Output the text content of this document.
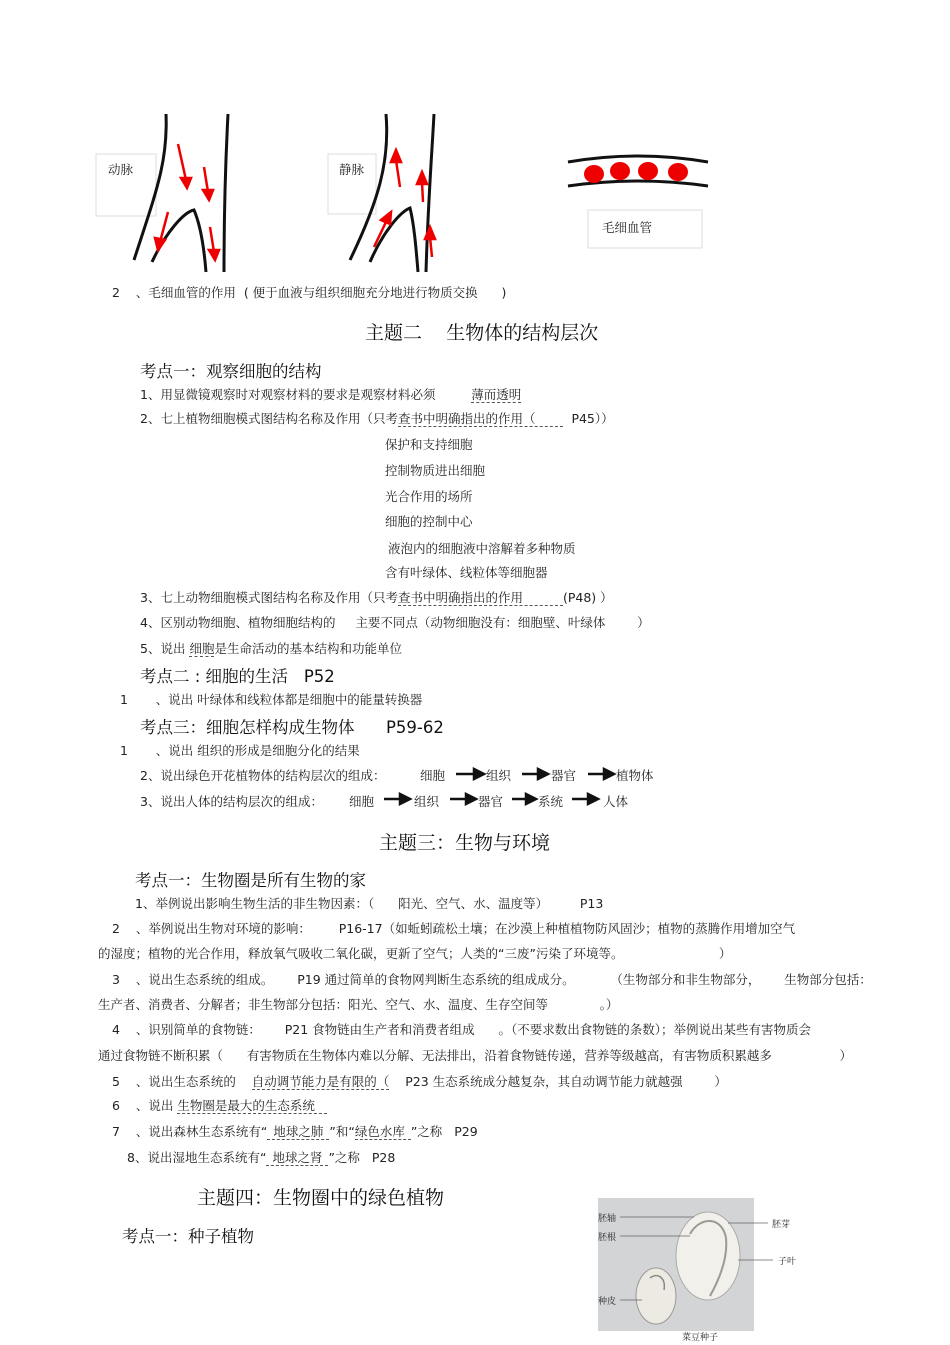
动脉	静脉
毛细血管
2 、毛细血管的作用 ( 便于血液与组织细胞充分地进行物质交换 )
主题二 生物体的结构层次
考点一：观察细胞的结构
1、用显微镜观察时对观察材料的要求是观察材料必须	薄而透明
2、七上植物细胞模式图结构名称及作用（只考查书中明确指出的作用（	P45））
保护和支持细胞
控制物质进出细胞
光合作用的场所
细胞的控制中心
液泡内的细胞液中溶解着多种物质
含有叶绿体、线粒体等细胞器
3、七上动物细胞模式图结构名称及作用（只考查书中明确指出的作用	(P48) ）
4、区别动物细胞、植物细胞结构的 主要不同点（动物细胞没有：细胞壁、叶绿体	）
5、说出 细胞是生命活动的基本结构和功能单位
考点二 : 细胞的生活 P52
1 、说出 叶绿体和线粒体都是细胞中的能量转换器
考点三：细胞怎样构成生物体 P59-62
1 、说出 组织的形成是细胞分化的结果
2、说出绿色开花植物体的结构层次的组成：	细胞	组织	器官	植物体
3、说出人体的结构层次的组成： 细胞	组织	器官	系统	人体
主题三：生物与环境
考点一：生物圈是所有生物的家
1、举例说出影响生物生活的非生物因素：（ 阳光、空气、水、温度等）	P13
2 、举例说出生物对环境的影响： P16-17（如蚯蚓疏松土壤；在沙漠上种植植物防风固沙；植物的蒸腾作用增加空气
的湿度；植物的光合作用，释放氧气吸收二氧化碳，更新了空气；人类的“三废”污染了环境等。	）
3 、说出生态系统的组成。 P19 通过简单的食物网判断生态系统的组成成分。	（生物部分和非生物部分， 生物部分包括：
生产者、消费者、分解者；非生物部分包括：阳光、空气、水、温度、生存空间等	。）
4 、识别简单的食物链： P21 食物链由生产者和消费者组成 。（不要求数出食物链的条数）；举例说出某些有害物质会
通过食物链不断积累（ 有害物质在生物体内难以分解、无法排出，沿着食物链传递，营养等级越高，有害物质积累越多	）
5 、说出生态系统的 自动调节能力是有限的（ P23 生态系统成分越复杂，其自动调节能力就越强	）
6 、说出 生物圈是最大的生态系统
7 、说出森林生态系统有“ 地球之肺 ”和“绿色水库 ”之称 P29
8、说出湿地生态系统有“ 地球之肾 ”之称 P28
主题四：生物圈中的绿色植物
考点一：种子植物
胚轴
胚根
胚芽
子叶
种皮
菜豆种子
